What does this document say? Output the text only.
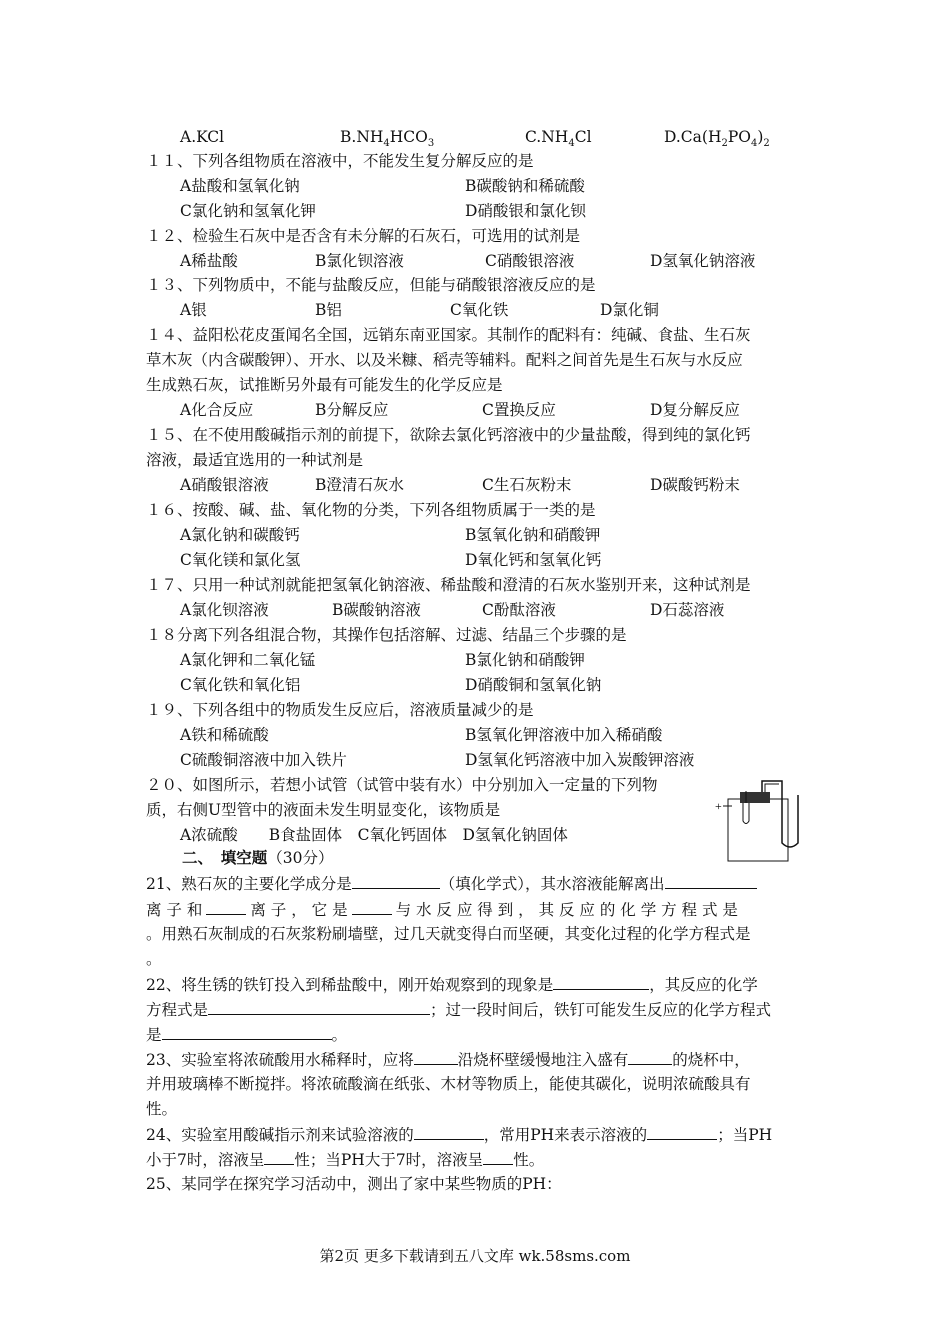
A.KCl	$B.NH_4HCO_3$	$C.NH_4Cl$	$D.Ca(H_2PO_4)_2$
１１、下列各组物质在溶液中，不能发生复分解反应的是
A盐酸和氢氧化钠	B碳酸钠和稀硫酸
C氯化钠和氢氧化钾	D硝酸银和氯化钡
１２、检验生石灰中是否含有未分解的石灰石，可选用的试剂是
A稀盐酸	B氯化钡溶液	C硝酸银溶液	D氢氧化钠溶液
１３、下列物质中，不能与盐酸反应，但能与硝酸银溶液反应的是
A银	B铝	C氧化铁	D氯化铜
１４、益阳松花皮蛋闻名全国，远销东南亚国家。其制作的配料有：纯碱、食盐、生石灰
草木灰（内含碳酸钾）、开水、以及米糠、稻壳等辅料。配料之间首先是生石灰与水反应
生成熟石灰，试推断另外最有可能发生的化学反应是
A化合反应	B分解反应	C置换反应	D复分解反应
１５、在不使用酸碱指示剂的前提下，欲除去氯化钙溶液中的少量盐酸，得到纯的氯化钙
溶液，最适宜选用的一种试剂是
A硝酸银溶液	B澄清石灰水	C生石灰粉末	D碳酸钙粉末
１６、按酸、碱、盐、氧化物的分类，下列各组物质属于一类的是
A氯化钠和碳酸钙	B氢氧化钠和硝酸钾
C氧化镁和氯化氢	D氧化钙和氢氧化钙
１７、只用一种试剂就能把氢氧化钠溶液、稀盐酸和澄清的石灰水鉴别开来，这种试剂是
A氯化钡溶液	B碳酸钠溶液	C酚酞溶液	D石蕊溶液
１８分离下列各组混合物，其操作包括溶解、过滤、结晶三个步骤的是
A氯化钾和二氧化锰	B氯化钠和硝酸钾
C氧化铁和氧化铝	D硝酸铜和氢氧化钠
１９、下列各组中的物质发生反应后，溶液质量减少的是
A铁和稀硫酸	B氢氧化钾溶液中加入稀硝酸
C硫酸铜溶液中加入铁片	D氢氧化钙溶液中加入炭酸钾溶液
２０、如图所示，若想小试管（试管中装有水）中分别加入一定量的下列物
质，右侧U型管中的液面未发生明显变化，该物质是
A浓硫酸　　B食盐固体　C氧化钙固体　D氢氧化钠固体
+
二、　填空题（30分）
21、熟石灰的主要化学成分是	（填化学式），其水溶液能解离出
离 子 和	离 子 ， 它 是	与 水 反 应 得 到 ， 其 反 应 的 化 学 方 程 式 是
。用熟石灰制成的石灰浆粉刷墙壁，过几天就变得白而坚硬，其变化过程的化学方程式是
。
22、将生锈的铁钉投入到稀盐酸中，刚开始观察到的现象是	，其反应的化学
方程式是	；过一段时间后，铁钉可能发生反应的化学方程式
是	。
23、实验室将浓硫酸用水稀释时，应将	沿烧杯壁缓慢地注入盛有	的烧杯中，
并用玻璃棒不断搅拌。将浓硫酸滴在纸张、木材等物质上，能使其碳化，说明浓硫酸具有
性。
24、实验室用酸碱指示剂来试验溶液的	，常用PH来表示溶液的	；当PH
小于7时，溶液呈 性；当PH大于7时，溶液呈 性。
25、某同学在探究学习活动中，测出了家中某些物质的PH：
第2页 更多下载请到五八文库 wk.58sms.com
